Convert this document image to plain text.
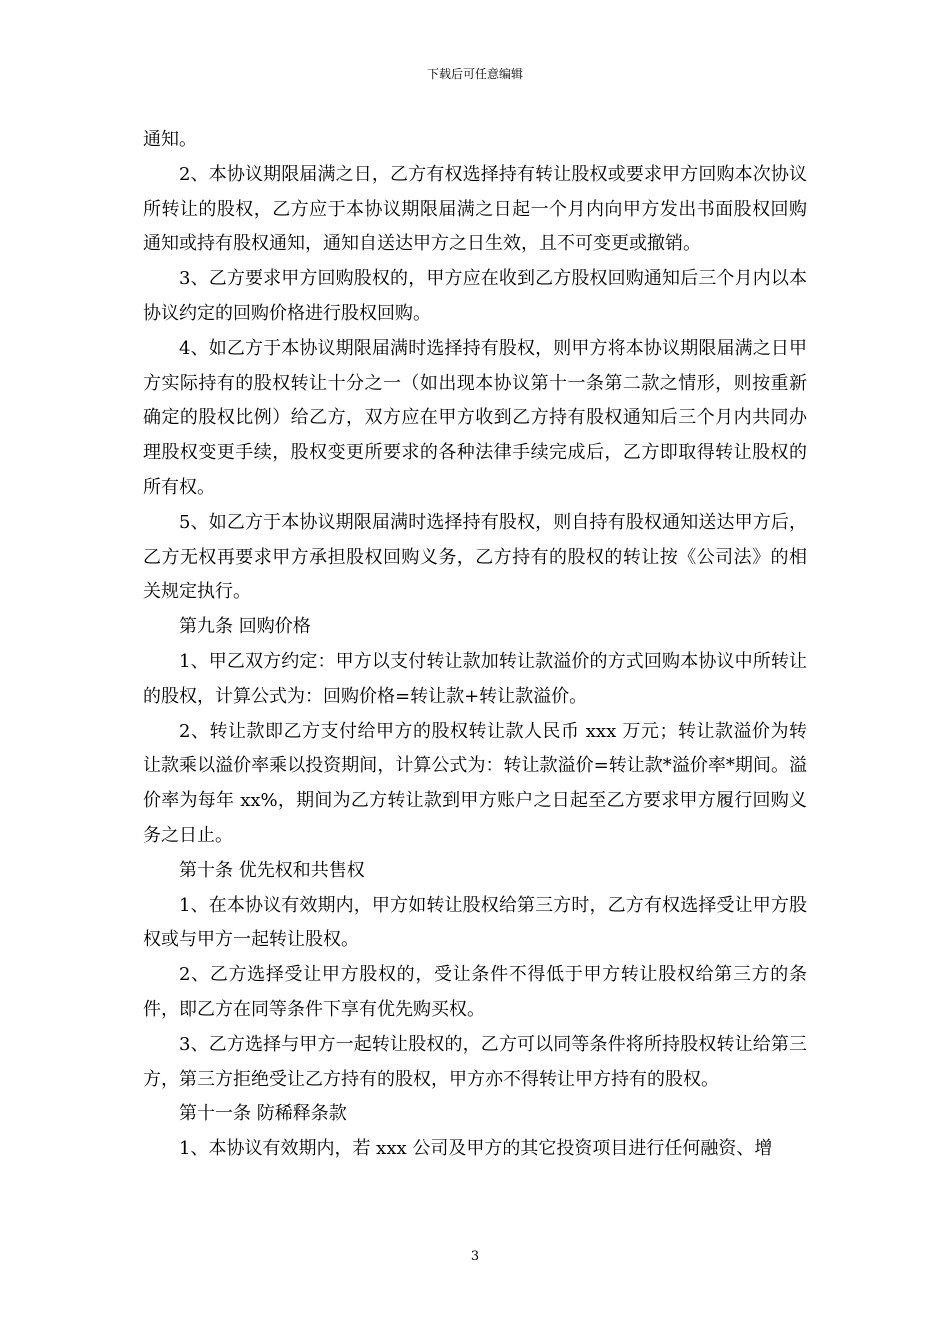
下载后可任意编辑

通知。

2、本协议期限届满之日，乙方有权选择持有转让股权或要求甲方回购本次协议所转让的股权，乙方应于本协议期限届满之日起一个月内向甲方发出书面股权回购通知或持有股权通知，通知自送达甲方之日生效，且不可变更或撤销。

3、乙方要求甲方回购股权的，甲方应在收到乙方股权回购通知后三个月内以本协议约定的回购价格进行股权回购。

4、如乙方于本协议期限届满时选择持有股权，则甲方将本协议期限届满之日甲方实际持有的股权转让十分之一（如出现本协议第十一条第二款之情形，则按重新确定的股权比例）给乙方，双方应在甲方收到乙方持有股权通知后三个月内共同办理股权变更手续，股权变更所要求的各种法律手续完成后，乙方即取得转让股权的所有权。

5、如乙方于本协议期限届满时选择持有股权，则自持有股权通知送达甲方后，乙方无权再要求甲方承担股权回购义务，乙方持有的股权的转让按《公司法》的相关规定执行。

第九条 回购价格

1、甲乙双方约定：甲方以支付转让款加转让款溢价的方式回购本协议中所转让的股权，计算公式为：回购价格=转让款+转让款溢价。

2、转让款即乙方支付给甲方的股权转让款人民币 xxx 万元；转让款溢价为转让款乘以溢价率乘以投资期间，计算公式为：转让款溢价=转让款*溢价率*期间。溢价率为每年 xx%，期间为乙方转让款到甲方账户之日起至乙方要求甲方履行回购义务之日止。

第十条 优先权和共售权

1、在本协议有效期内，甲方如转让股权给第三方时，乙方有权选择受让甲方股权或与甲方一起转让股权。

2、乙方选择受让甲方股权的，受让条件不得低于甲方转让股权给第三方的条件，即乙方在同等条件下享有优先购买权。

3、乙方选择与甲方一起转让股权的，乙方可以同等条件将所持股权转让给第三方，第三方拒绝受让乙方持有的股权，甲方亦不得转让甲方持有的股权。

第十一条 防稀释条款

1、本协议有效期内，若 xxx 公司及甲方的其它投资项目进行任何融资、增

3
